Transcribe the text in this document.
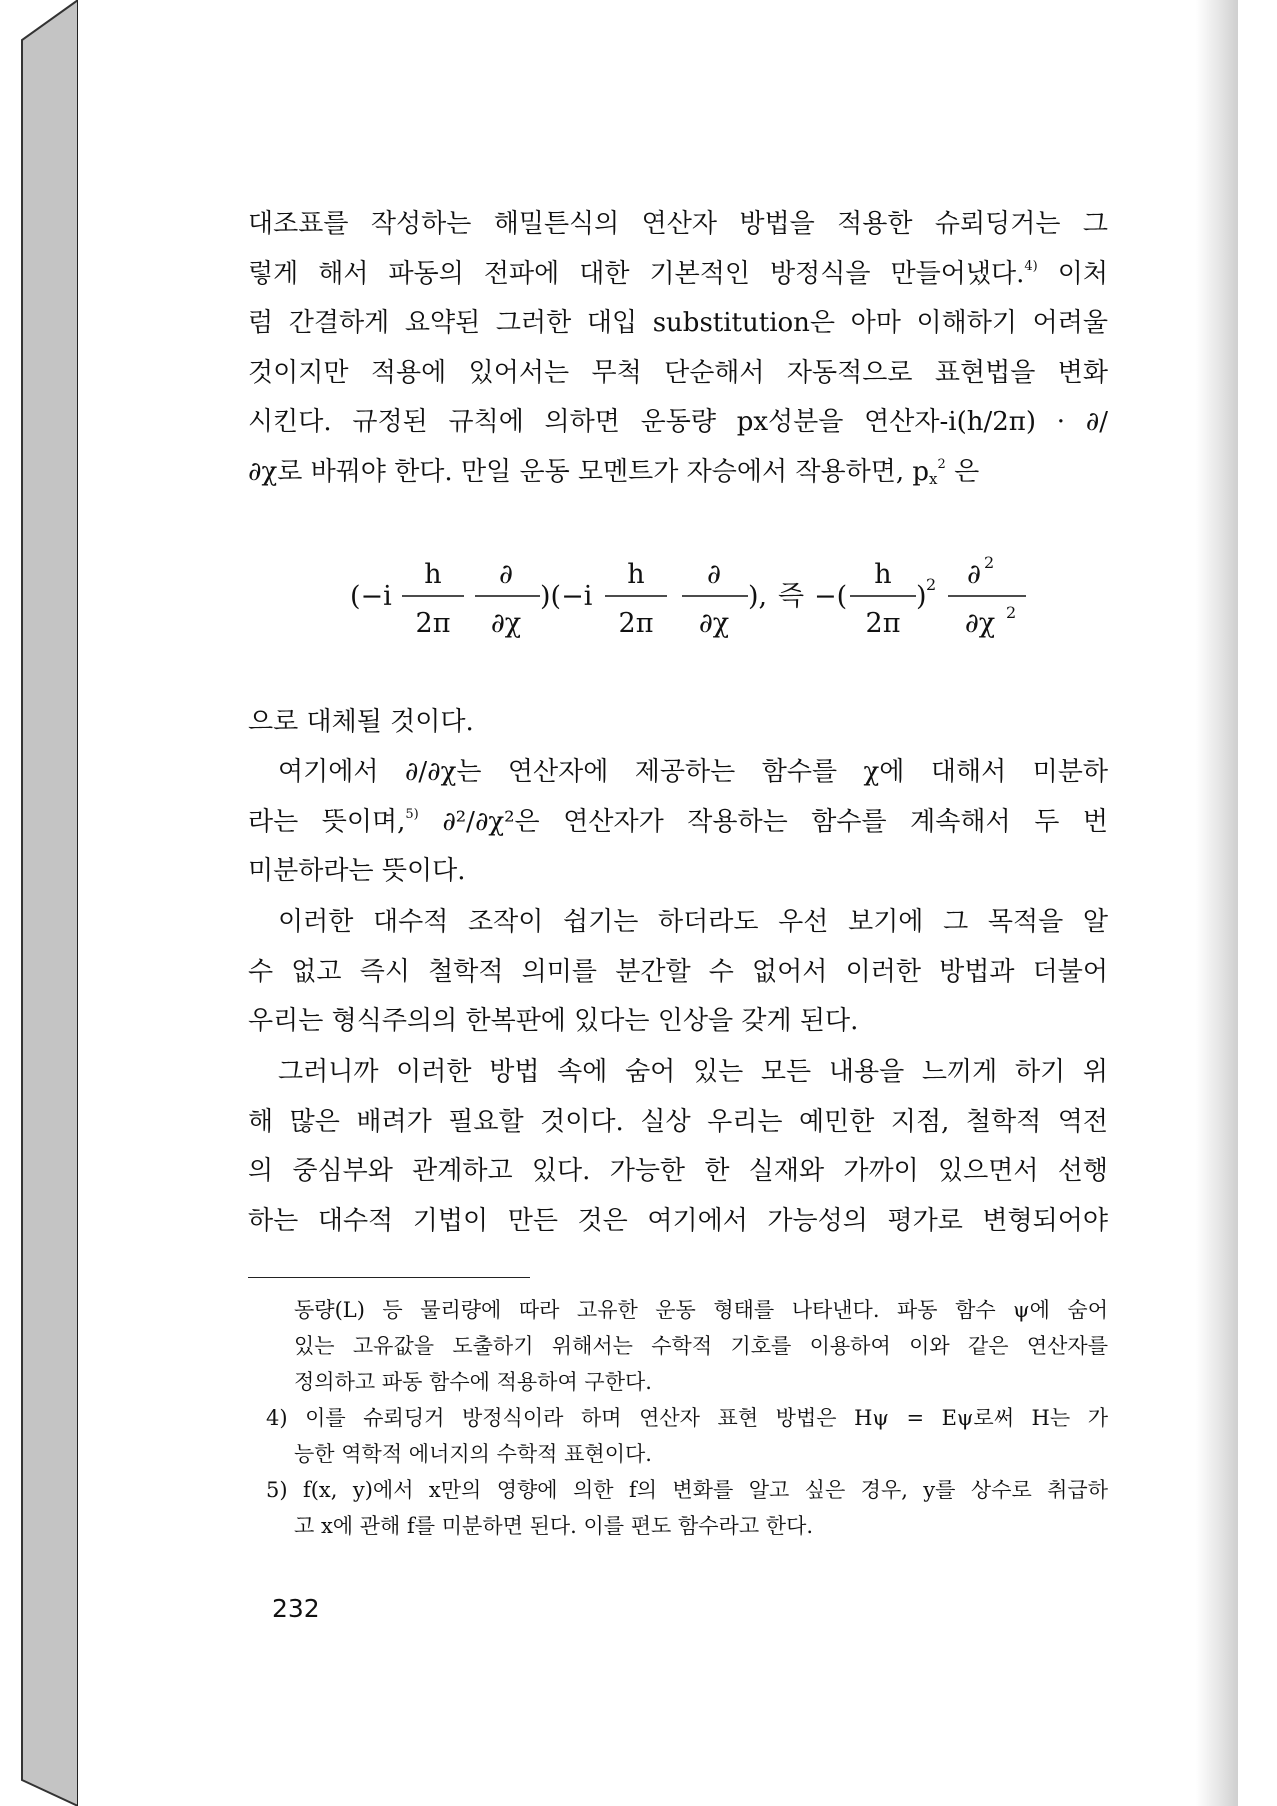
대조표를 작성하는 해밀튼식의 연산자 방법을 적용한 슈뢰딩거는 그
렇게 해서 파동의 전파에 대한 기본적인 방정식을 만들어냈다.$^{4)}$ 이처
럼 간결하게 요약된 그러한 대입 substitution은 아마 이해하기 어려울
것이지만 적용에 있어서는 무척 단순해서 자동적으로 표현법을 변화
시킨다. 규정된 규칙에 의하면 운동량 px성분을 연산자-i(h/2π) · ∂/
∂χ로 바꿔야 한다. 만일 운동 모멘트가 자승에서 작용하면, $p_x^2$ 은
(−i
h
2π
∂
∂χ
)(−i
h
2π
∂
∂χ
), 즉 −(
h
2π
) 2 ∂ 2
∂χ 2
으로 대체될 것이다.
여기에서 ∂/∂χ는 연산자에 제공하는 함수를 χ에 대해서 미분하
라는 뜻이며,$^{5)}$ ∂²/∂χ²은 연산자가 작용하는 함수를 계속해서 두 번
미분하라는 뜻이다.
이러한 대수적 조작이 쉽기는 하더라도 우선 보기에 그 목적을 알
수 없고 즉시 철학적 의미를 분간할 수 없어서 이러한 방법과 더불어
우리는 형식주의의 한복판에 있다는 인상을 갖게 된다.
그러니까 이러한 방법 속에 숨어 있는 모든 내용을 느끼게 하기 위
해 많은 배려가 필요할 것이다. 실상 우리는 예민한 지점, 철학적 역전
의 중심부와 관계하고 있다. 가능한 한 실재와 가까이 있으면서 선행
하는 대수적 기법이 만든 것은 여기에서 가능성의 평가로 변형되어야
동량(L) 등 물리량에 따라 고유한 운동 형태를 나타낸다. 파동 함수 ψ에 숨어
있는 고유값을 도출하기 위해서는 수학적 기호를 이용하여 이와 같은 연산자를
정의하고 파동 함수에 적용하여 구한다.
4) 이를 슈뢰딩거 방정식이라 하며 연산자 표현 방법은 Hψ = Eψ로써 H는 가
능한 역학적 에너지의 수학적 표현이다.
5) f(x, y)에서 x만의 영향에 의한 f의 변화를 알고 싶은 경우, y를 상수로 취급하
고 x에 관해 f를 미분하면 된다. 이를 편도 함수라고 한다.
232
